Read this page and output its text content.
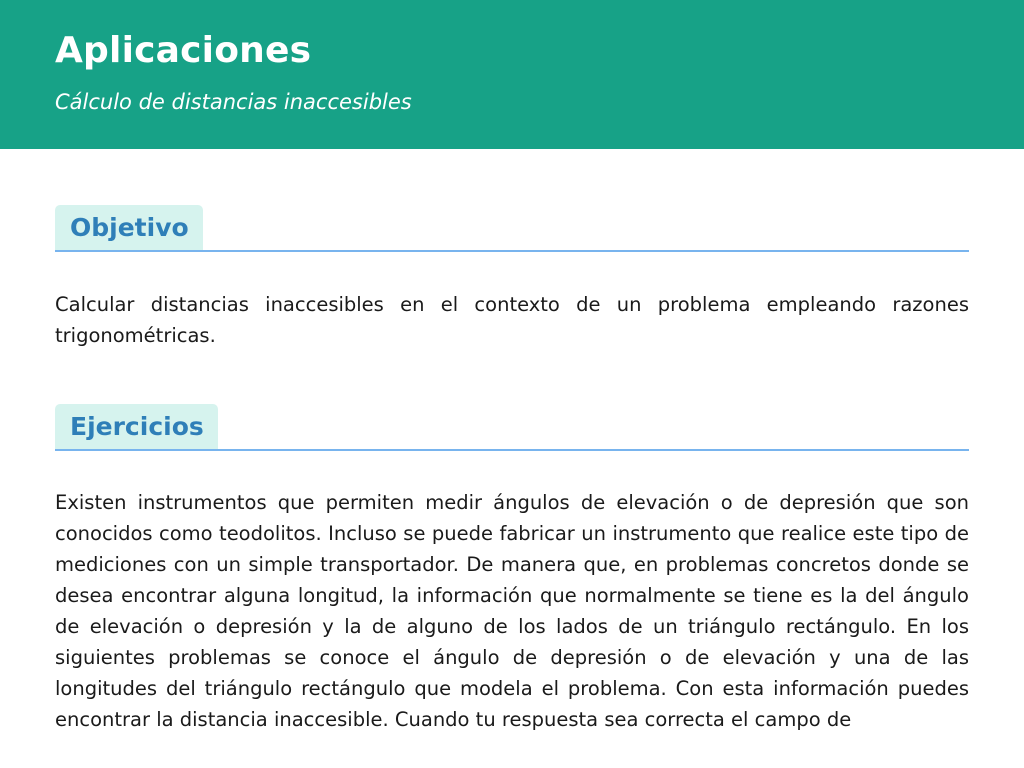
Aplicaciones
Cálculo de distancias inaccesibles
Objetivo

Calcular distancias inaccesibles en el contexto de un problema empleando razones trigonométricas.

Ejercicios

Existen instrumentos que permiten medir ángulos de elevación o de depresión que son conocidos como teodolitos. Incluso se puede fabricar un instrumento que realice este tipo de mediciones con un simple transportador. De manera que, en problemas concretos donde se desea encontrar alguna longitud, la información que normalmente se tiene es la del ángulo de elevación o depresión y la de alguno de los lados de un triángulo rectángulo. En los siguientes problemas se conoce el ángulo de depresión o de elevación y una de las longitudes del triángulo rectángulo que modela el problema. Con esta información puedes encontrar la distancia inaccesible. Cuando tu respuesta sea correcta el campo de
